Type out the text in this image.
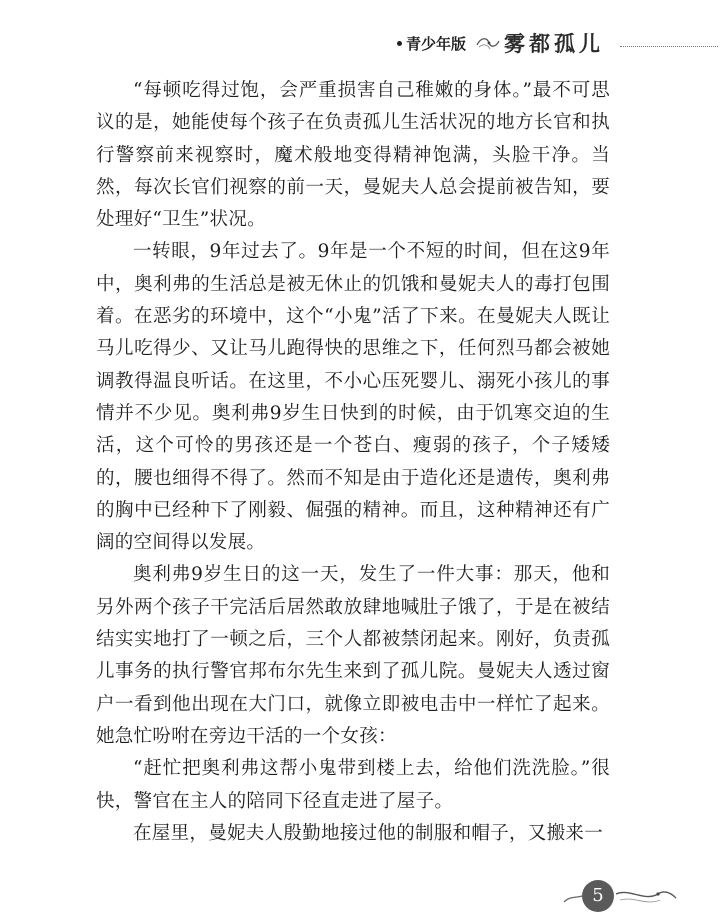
青少年版 雾都孤儿

“每顿吃得过饱，会严重损害自己稚嫩的身体。”最不可思议的是，她能使每个孩子在负责孤儿生活状况的地方长官和执行警察前来视察时，魔术般地变得精神饱满，头脸干净。当然，每次长官们视察的前一天，曼妮夫人总会提前被告知，要处理好“卫生”状况。

一转眼，9年过去了。9年是一个不短的时间，但在这9年中，奥利弗的生活总是被无休止的饥饿和曼妮夫人的毒打包围着。在恶劣的环境中，这个“小鬼”活了下来。在曼妮夫人既让马儿吃得少、又让马儿跑得快的思维之下，任何烈马都会被她调教得温良听话。在这里，不小心压死婴儿、溺死小孩儿的事情并不少见。奥利弗9岁生日快到的时候，由于饥寒交迫的生活，这个可怜的男孩还是一个苍白、瘦弱的孩子，个子矮矮的，腰也细得不得了。然而不知是由于造化还是遗传，奥利弗的胸中已经种下了刚毅、倔强的精神。而且，这种精神还有广阔的空间得以发展。

奥利弗9岁生日的这一天，发生了一件大事：那天，他和另外两个孩子干完活后居然敢放肆地喊肚子饿了，于是在被结结实实地打了一顿之后，三个人都被禁闭起来。刚好，负责孤儿事务的执行警官邦布尔先生来到了孤儿院。曼妮夫人透过窗户一看到他出现在大门口，就像立即被电击中一样忙了起来。她急忙吩咐在旁边干活的一个女孩：

“赶忙把奥利弗这帮小鬼带到楼上去，给他们洗洗脸。”很快，警官在主人的陪同下径直走进了屋子。

在屋里，曼妮夫人殷勤地接过他的制服和帽子，又搬来一

5
